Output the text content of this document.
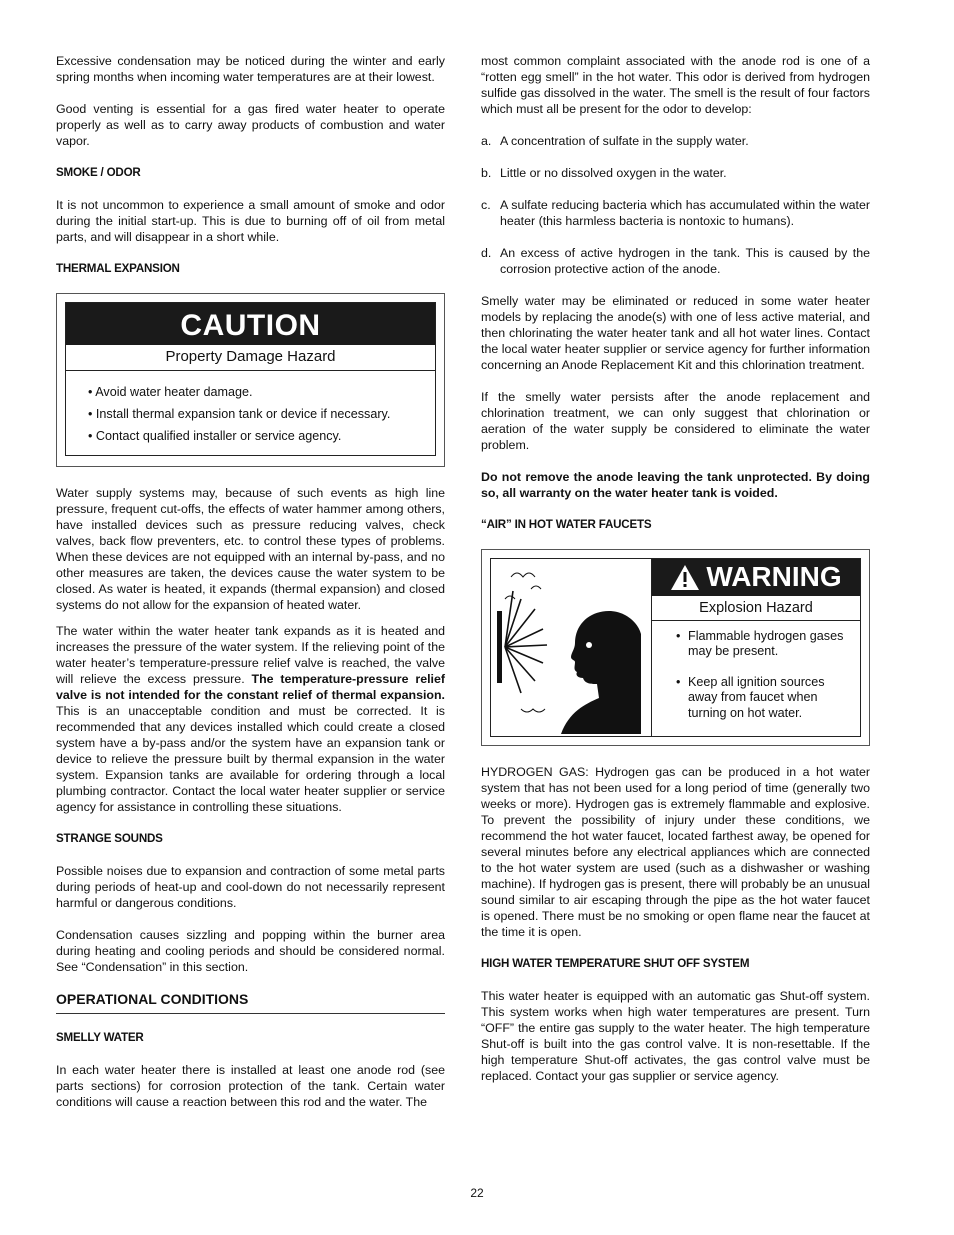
Excessive condensation may be noticed during the winter and early spring months when incoming water temperatures are at their lowest.

Good venting is essential for a gas fired water heater to operate properly as well as to carry away products of combustion and water vapor.

SMOKE / ODOR

It is not uncommon to experience a small amount of smoke and odor during the initial start-up. This is due to burning off of oil from metal parts, and will disappear in a short while.

THERMAL EXPANSION
CAUTION
Property Damage Hazard
• Avoid water heater damage.
• Install thermal expansion tank or device if necessary.
• Contact qualified installer or service agency.

Water supply systems may, because of such events as high line pressure, frequent cut-offs, the effects of water hammer among others, have installed devices such as pressure reducing valves, check valves, back flow preventers, etc. to control these types of problems. When these devices are not equipped with an internal by-pass, and no other measures are taken, the devices cause the water system to be closed. As water is heated, it expands (thermal expansion) and closed systems do not allow for the expansion of heated water.

The water within the water heater tank expands as it is heated and increases the pressure of the water system. If the relieving point of the water heater’s temperature-pressure relief valve is reached, the valve will relieve the excess pressure. The temperature-pressure relief valve is not intended for the constant relief of thermal expansion. This is an unacceptable condition and must be corrected. It is recommended that any devices installed which could create a closed system have a by-pass and/or the system have an expansion tank or device to relieve the pressure built by thermal expansion in the water system. Expansion tanks are available for ordering through a local plumbing contractor. Contact the local water heater supplier or service agency for assistance in controlling these situations.

STRANGE SOUNDS

Possible noises due to expansion and contraction of some metal parts during periods of heat-up and cool-down do not necessarily represent harmful or dangerous conditions.

Condensation causes sizzling and popping within the burner area during heating and cooling periods and should be considered normal. See “Condensation” in this section.

OPERATIONAL CONDITIONS
SMELLY WATER

In each water heater there is installed at least one anode rod (see parts sections) for corrosion protection of the tank. Certain water conditions will cause a reaction between this rod and the water. The

most common complaint associated with the anode rod is one of a “rotten egg smell” in the hot water. This odor is derived from hydrogen sulfide gas dissolved in the water. The smell is the result of four factors which must all be present for the odor to develop:

a. A concentration of sulfate in the supply water.
b. Little or no dissolved oxygen in the water.
c. A sulfate reducing bacteria which has accumulated within the water heater (this harmless bacteria is nontoxic to humans).
d. An excess of active hydrogen in the tank. This is caused by the corrosion protective action of the anode.

Smelly water may be eliminated or reduced in some water heater models by replacing the anode(s) with one of less active material, and then chlorinating the water heater tank and all hot water lines. Contact the local water heater supplier or service agency for further information concerning an Anode Replacement Kit and this chlorination treatment.

If the smelly water persists after the anode replacement and chlorination treatment, we can only suggest that chlorination or aeration of the water supply be considered to eliminate the water problem.

Do not remove the anode leaving the tank unprotected. By doing so, all warranty on the water heater tank is voided.

“AIR” IN HOT WATER FAUCETS
WARNING
Explosion Hazard
• Flammable hydrogen gases may be present.
• Keep all ignition sources away from faucet when turning on hot water.

HYDROGEN GAS: Hydrogen gas can be produced in a hot water system that has not been used for a long period of time (generally two weeks or more). Hydrogen gas is extremely flammable and explosive. To prevent the possibility of injury under these conditions, we recommend the hot water faucet, located farthest away, be opened for several minutes before any electrical appliances which are connected to the hot water system are used (such as a dishwasher or washing machine). If hydrogen gas is present, there will probably be an unusual sound similar to air escaping through the pipe as the hot water faucet is opened. There must be no smoking or open flame near the faucet at the time it is open.

HIGH WATER TEMPERATURE SHUT OFF SYSTEM

This water heater is equipped with an automatic gas Shut-off system. This system works when high water temperatures are present. Turn “OFF” the entire gas supply to the water heater. The high temperature Shut-off is built into the gas control valve. It is non-resettable. If the high temperature Shut-off activates, the gas control valve must be replaced. Contact your gas supplier or service agency.

22
